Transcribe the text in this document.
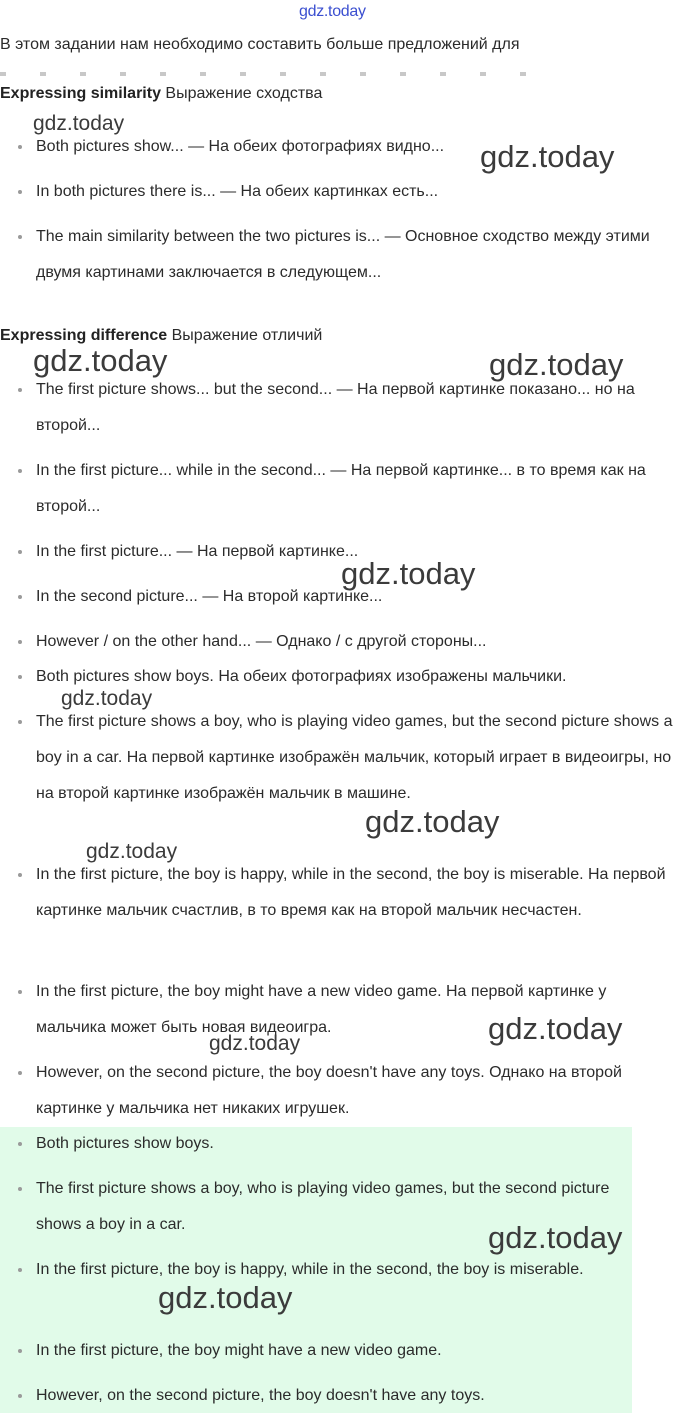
gdz.today
В этом задании нам необходимо составить больше предложений для
Expressing similarity Выражение сходства
Both pictures show... — На обеих фотографиях видно...
In both pictures there is... — На обеих картинках есть...
The main similarity between the two pictures is... — Основное сходство между этими двумя картинами заключается в следующем...
Expressing difference Выражение отличий
The first picture shows... but the second... — На первой картинке показано... но на второй...
In the first picture... while in the second... — На первой картинке... в то время как на второй...
In the first picture... — На первой картинке...
In the second picture... — На второй картинке...
However / on the other hand... — Однако / с другой стороны...
Both pictures show boys. На обеих фотографиях изображены мальчики.
The first picture shows a boy, who is playing video games, but the second picture shows a boy in a car. На первой картинке изображён мальчик, который играет в видеоигры, но на второй картинке изображён мальчик в машине.
In the first picture, the boy is happy, while in the second, the boy is miserable. На первой картинке мальчик счастлив, в то время как на второй мальчик несчастен.
In the first picture, the boy might have a new video game. На первой картинке у мальчика может быть новая видеоигра.
However, on the second picture, the boy doesn't have any toys. Однако на второй картинке у мальчика нет никаких игрушек.
Both pictures show boys.
The first picture shows a boy, who is playing video games, but the second picture shows a boy in a car.
In the first picture, the boy is happy, while in the second, the boy is miserable.
In the first picture, the boy might have a new video game.
However, on the second picture, the boy doesn't have any toys.
gdz.today
gdz.today
gdz.today	gdz.today
gdz.today
gdz.today
gdz.today
gdz.today
gdz.today
gdz.today
gdz.today
gdz.today
